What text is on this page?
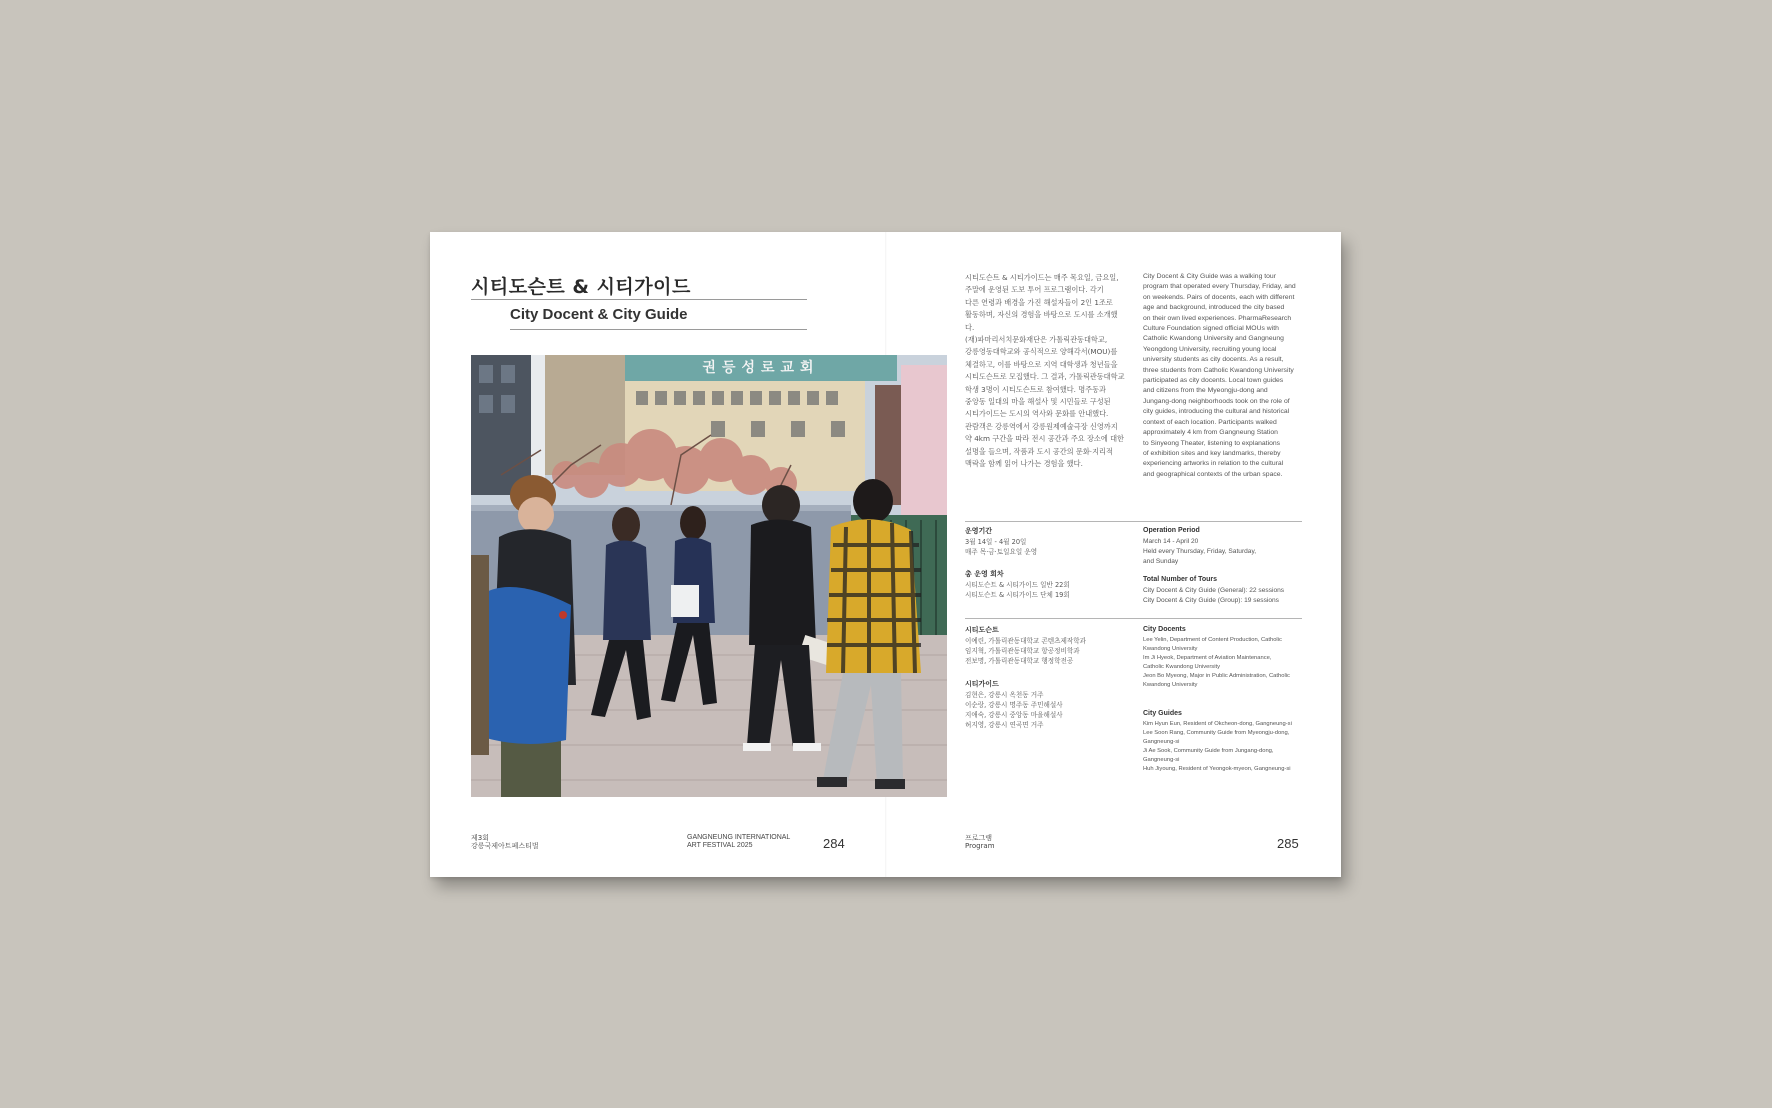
시티도슨트 & 시티가이드
City Docent & City Guide
권등성로교회
제3회
강릉국제아트페스티벌
GANGNEUNG INTERNATIONAL
ART FESTIVAL 2025	284
시티도슨트 & 시티가이드는 매주 목요일, 금요일,
주말에 운영된 도보 투어 프로그램이다. 각기
다른 연령과 배경을 가진 해설자들이 2인 1조로
활동하며, 자신의 경험을 바탕으로 도시를 소개했다.
(재)파마리서치문화재단은 가톨릭관동대학교,
강릉영동대학교와 공식적으로 양해각서(MOU)를
체결하고, 이를 바탕으로 지역 대학생과 청년들을
시티도슨트로 모집했다. 그 결과, 가톨릭관동대학교
학생 3명이 시티도슨트로 참여했다. 명주동과
중앙동 일대의 마을 해설사 및 시민들로 구성된
시티가이드는 도시의 역사와 문화를 안내했다.
관람객은 강릉역에서 강릉원제예술극장 신영까지
약 4km 구간을 따라 전시 공간과 주요 장소에 대한
설명을 들으며, 작품과 도시 공간의 문화·지리적
맥락을 함께 읽어 나가는 경험을 했다.
City Docent & City Guide was a walking tour
program that operated every Thursday, Friday, and
on weekends. Pairs of docents, each with different
age and background, introduced the city based
on their own lived experiences. PharmaResearch
Culture Foundation signed official MOUs with
Catholic Kwandong University and Gangneung
Yeongdong University, recruiting young local
university students as city docents. As a result,
three students from Catholic Kwandong University
participated as city docents. Local town guides
and citizens from the Myeongju-dong and
Jungang-dong neighborhoods took on the role of
city guides, introducing the cultural and historical
context of each location. Participants walked
approximately 4 km from Gangneung Station
to Sinyeong Theater, listening to explanations
of exhibition sites and key landmarks, thereby
experiencing artworks in relation to the cultural
and geographical contexts of the urban space.
운영기간
3월 14일 - 4월 20일
매주 목·금·토일요일 운영
총 운영 회차
시티도슨트 & 시티가이드 일반 22회
시티도슨트 & 시티가이드 단체 19회
Operation Period
March 14 - April 20
Held every Thursday, Friday, Saturday,
and Sunday
Total Number of Tours
City Docent & City Guide (General): 22 sessions
City Docent & City Guide (Group): 19 sessions
시티도슨트
이예린, 가톨릭관동대학교 콘텐츠제작학과
임지혁, 가톨릭관동대학교 항공정비학과
전보명, 가톨릭관동대학교 행정학전공
시티가이드
김현은, 강릉시 옥천동 거주
이순랑, 강릉시 명주동 주민해설사
지애숙, 강릉시 중앙동 마을해설사
허지영, 강릉시 연곡면 거주
City Docents
Lee Yelin, Department of Content Production, Catholic
Kwandong University
Im Ji Hyeok, Department of Aviation Maintenance,
Catholic Kwandong University
Jeon Bo Myeong, Major in Public Administration, Catholic
Kwandong University
City Guides
Kim Hyun Eun, Resident of Okcheon-dong, Gangneung-si
Lee Soon Rang, Community Guide from Myeongju-dong,
Gangneung-si
Ji Ae Sook, Community Guide from Jungang-dong,
Gangneung-si
Huh Jiyoung, Resident of Yeongok-myeon, Gangneung-si
프로그램
Program	285
